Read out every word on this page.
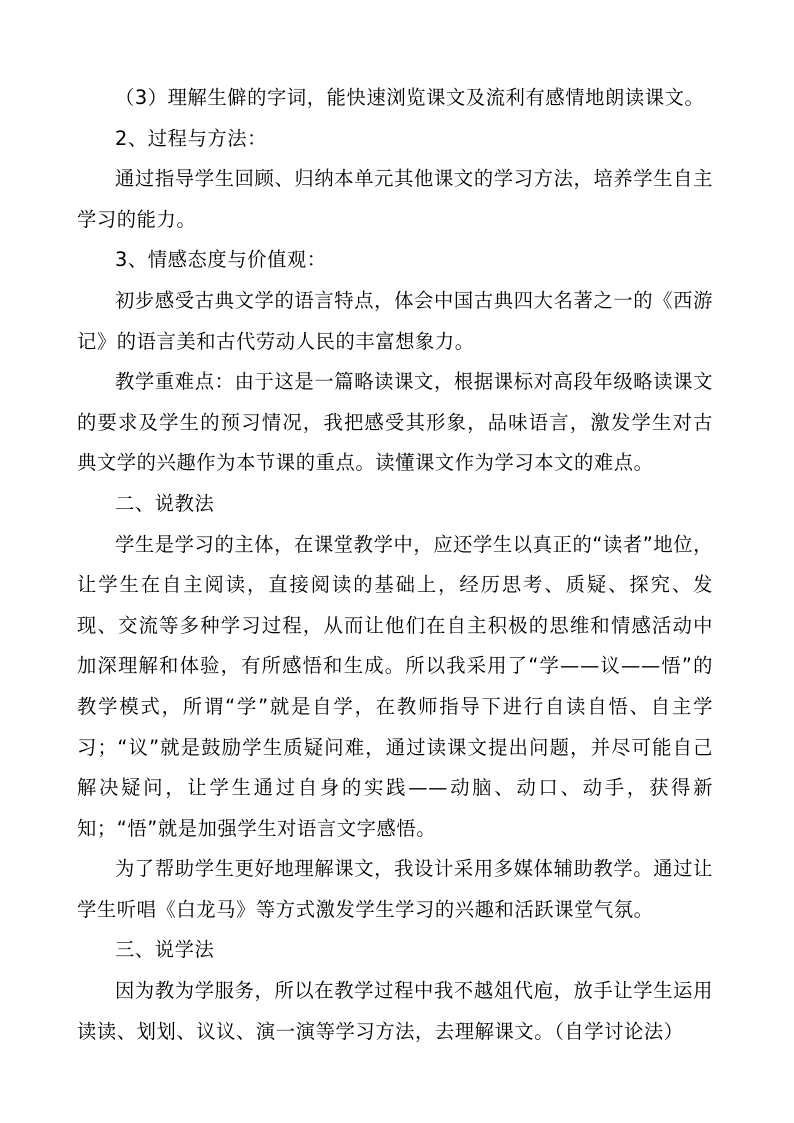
（3）理解生僻的字词，能快速浏览课文及流利有感情地朗读课文。

2、过程与方法：

通过指导学生回顾、归纳本单元其他课文的学习方法，培养学生自主学习的能力。

3、情感态度与价值观：

初步感受古典文学的语言特点，体会中国古典四大名著之一的《西游记》的语言美和古代劳动人民的丰富想象力。

教学重难点：由于这是一篇略读课文，根据课标对高段年级略读课文的要求及学生的预习情况，我把感受其形象，品味语言，激发学生对古典文学的兴趣作为本节课的重点。读懂课文作为学习本文的难点。

二、说教法

学生是学习的主体，在课堂教学中，应还学生以真正的“读者”地位，让学生在自主阅读，直接阅读的基础上，经历思考、质疑、探究、发现、交流等多种学习过程，从而让他们在自主积极的思维和情感活动中加深理解和体验，有所感悟和生成。所以我采用了“学——议——悟”的教学模式，所谓“学”就是自学，在教师指导下进行自读自悟、自主学习；“议”就是鼓励学生质疑问难，通过读课文提出问题，并尽可能自己解决疑问，让学生通过自身的实践——动脑、动口、动手，获得新知；“悟”就是加强学生对语言文字感悟。

为了帮助学生更好地理解课文，我设计采用多媒体辅助教学。通过让学生听唱《白龙马》等方式激发学生学习的兴趣和活跃课堂气氛。

三、说学法

因为教为学服务，所以在教学过程中我不越俎代庖，放手让学生运用读读、划划、议议、演一演等学习方法，去理解课文。（自学讨论法）
